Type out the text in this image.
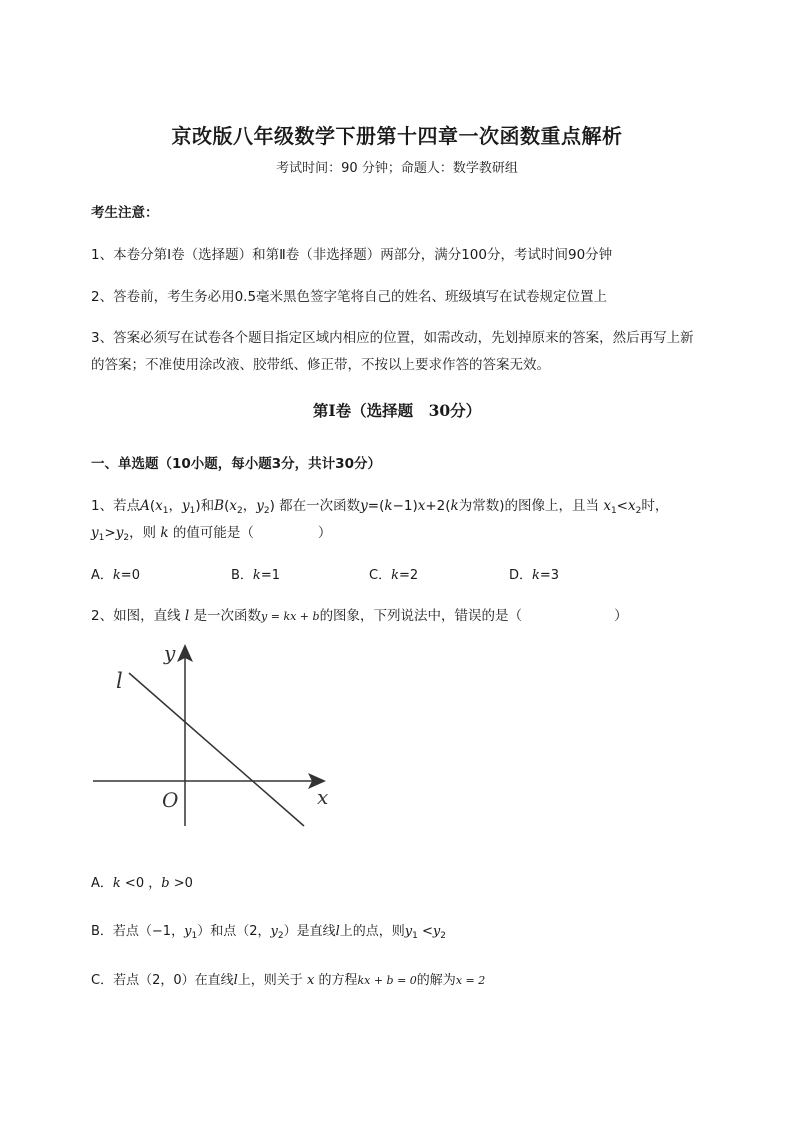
京改版八年级数学下册第十四章一次函数重点解析
考试时间：90 分钟；命题人：数学教研组
考生注意：
1、本卷分第Ⅰ卷（选择题）和第Ⅱ卷（非选择题）两部分，满分100分，考试时间90分钟
2、答卷前，考生务必用0.5毫米黑色签字笔将自己的姓名、班级填写在试卷规定位置上
3、答案必须写在试卷各个题目指定区域内相应的位置，如需改动，先划掉原来的答案，然后再写上新
的答案；不准使用涂改液、胶带纸、修正带，不按以上要求作答的答案无效。
第Ⅰ卷（选择题　30分）
一、单选题（10小题，每小题3分，共计30分）
1、若点$A(x_1$，$y_1$)和$B(x_2$，$y_2$) 都在一次函数y=(k−1)x+2(k为常数)的图像上，且当 $x_1<x_2$时，
$y_1>y_2$，则 k 的值可能是（	）
A．k=0	B．k=1	C．k=2	D．k=3
2、如图，直线 l 是一次函数y = kx + b的图象，下列说法中，错误的是（	）
y
x
O
l
A．k <0 ，b >0
B．若点（−1，$y_1$）和点（2，$y_2$）是直线l上的点，则$y_1 <y_2$
C．若点（2，0）在直线l上，则关于 x 的方程kx + b = 0的解为x = 2
